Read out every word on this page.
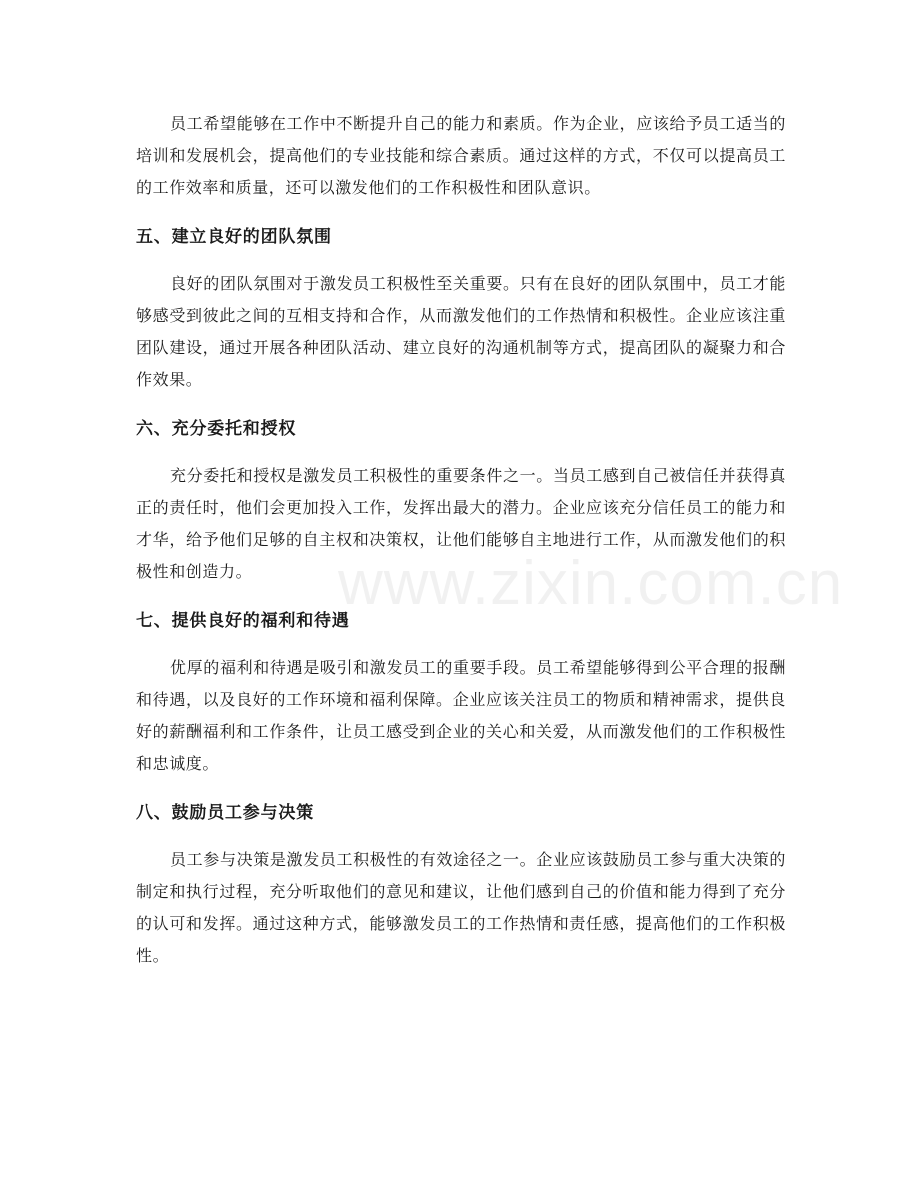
www.zixin.com.cn

员工希望能够在工作中不断提升自己的能力和素质。作为企业，应该给予员工适当的培训和发展机会，提高他们的专业技能和综合素质。通过这样的方式，不仅可以提高员工的工作效率和质量，还可以激发他们的工作积极性和团队意识。

五、建立良好的团队氛围

良好的团队氛围对于激发员工积极性至关重要。只有在良好的团队氛围中，员工才能够感受到彼此之间的互相支持和合作，从而激发他们的工作热情和积极性。企业应该注重团队建设，通过开展各种团队活动、建立良好的沟通机制等方式，提高团队的凝聚力和合作效果。

六、充分委托和授权

充分委托和授权是激发员工积极性的重要条件之一。当员工感到自己被信任并获得真正的责任时，他们会更加投入工作，发挥出最大的潜力。企业应该充分信任员工的能力和才华，给予他们足够的自主权和决策权，让他们能够自主地进行工作，从而激发他们的积极性和创造力。

七、提供良好的福利和待遇

优厚的福利和待遇是吸引和激发员工的重要手段。员工希望能够得到公平合理的报酬和待遇，以及良好的工作环境和福利保障。企业应该关注员工的物质和精神需求，提供良好的薪酬福利和工作条件，让员工感受到企业的关心和关爱，从而激发他们的工作积极性和忠诚度。

八、鼓励员工参与决策

员工参与决策是激发员工积极性的有效途径之一。企业应该鼓励员工参与重大决策的制定和执行过程，充分听取他们的意见和建议，让他们感到自己的价值和能力得到了充分的认可和发挥。通过这种方式，能够激发员工的工作热情和责任感，提高他们的工作积极性。
